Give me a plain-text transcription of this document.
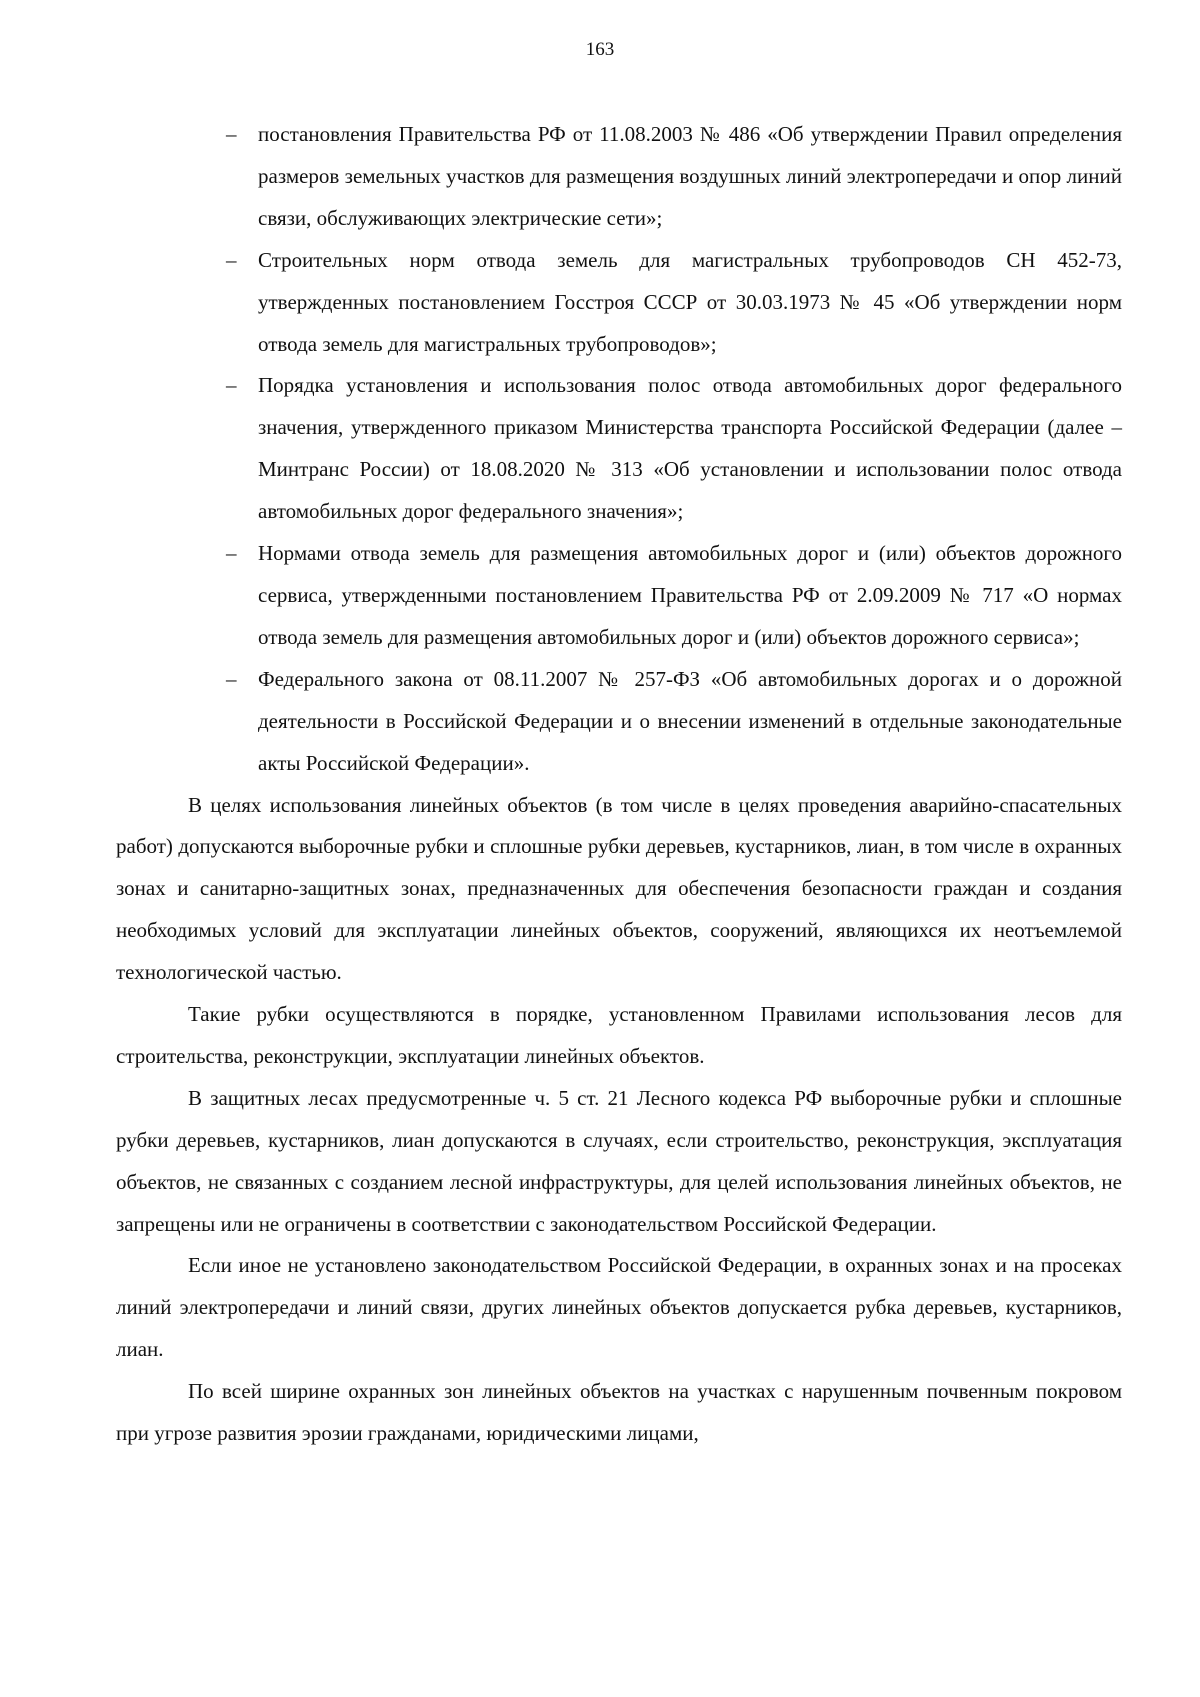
163
– постановления Правительства РФ от 11.08.2003 № 486 «Об утверждении Правил определения размеров земельных участков для размещения воздушных линий электропередачи и опор линий связи, обслуживающих электрические сети»;
– Строительных норм отвода земель для магистральных трубопроводов СН 452-73, утвержденных постановлением Госстроя СССР от 30.03.1973 № 45 «Об утверждении норм отвода земель для магистральных трубопроводов»;
– Порядка установления и использования полос отвода автомобильных дорог федерального значения, утвержденного приказом Министерства транспорта Российской Федерации (далее – Минтранс России) от 18.08.2020 № 313 «Об установлении и использовании полос отвода автомобильных дорог федерального значения»;
– Нормами отвода земель для размещения автомобильных дорог и (или) объектов дорожного сервиса, утвержденными постановлением Правительства РФ от 2.09.2009 № 717 «О нормах отвода земель для размещения автомобильных дорог и (или) объектов дорожного сервиса»;
– Федерального закона от 08.11.2007 № 257-ФЗ «Об автомобильных дорогах и о дорожной деятельности в Российской Федерации и о внесении изменений в отдельные законодательные акты Российской Федерации».

В целях использования линейных объектов (в том числе в целях проведения аварийно-спасательных работ) допускаются выборочные рубки и сплошные рубки деревьев, кустарников, лиан, в том числе в охранных зонах и санитарно-защитных зонах, предназначенных для обеспечения безопасности граждан и создания необходимых условий для эксплуатации линейных объектов, сооружений, являющихся их неотъемлемой технологической частью.

Такие рубки осуществляются в порядке, установленном Правилами использования лесов для строительства, реконструкции, эксплуатации линейных объектов.

В защитных лесах предусмотренные ч. 5 ст. 21 Лесного кодекса РФ выборочные рубки и сплошные рубки деревьев, кустарников, лиан допускаются в случаях, если строительство, реконструкция, эксплуатация объектов, не связанных с созданием лесной инфраструктуры, для целей использования линейных объектов, не запрещены или не ограничены в соответствии с законодательством Российской Федерации.

Если иное не установлено законодательством Российской Федерации, в охранных зонах и на просеках линий электропередачи и линий связи, других линейных объектов допускается рубка деревьев, кустарников, лиан.

По всей ширине охранных зон линейных объектов на участках с нарушенным почвенным покровом при угрозе развития эрозии гражданами, юридическими лицами,
